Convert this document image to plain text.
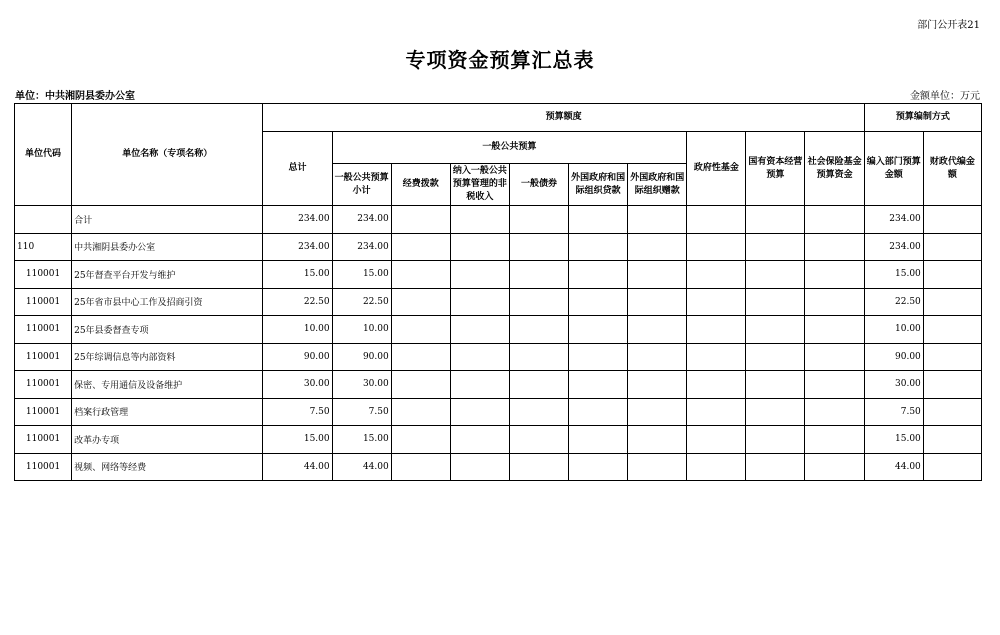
部门公开表21
专项资金预算汇总表
单位：中共湘阴县委办公室	金额单位：万元
单位代码	单位名称（专项名称）	预算额度										预算编制方式	
		总计	一般公共预算						政府性基金	国有资本经营预算	社会保险基金预算资金	编入部门预算金额	财政代编金额
			一般公共预算小计	经费拨款	纳入一般公共预算管理的非税收入	一般债券	外国政府和国际组织贷款	外国政府和国际组织赠款					
	合计	234.00	234.00									234.00	
110	中共湘阴县委办公室	234.00	234.00									234.00	
110001	25年督查平台开发与维护	15.00	15.00									15.00	
110001	25年省市县中心工作及招商引资	22.50	22.50									22.50	
110001	25年县委督查专项	10.00	10.00									10.00	
110001	25年综调信息等内部资料	90.00	90.00									90.00	
110001	保密、专用通信及设备维护	30.00	30.00									30.00	
110001	档案行政管理	7.50	7.50									7.50	
110001	改革办专项	15.00	15.00									15.00	
110001	视频、网络等经费	44.00	44.00									44.00	
